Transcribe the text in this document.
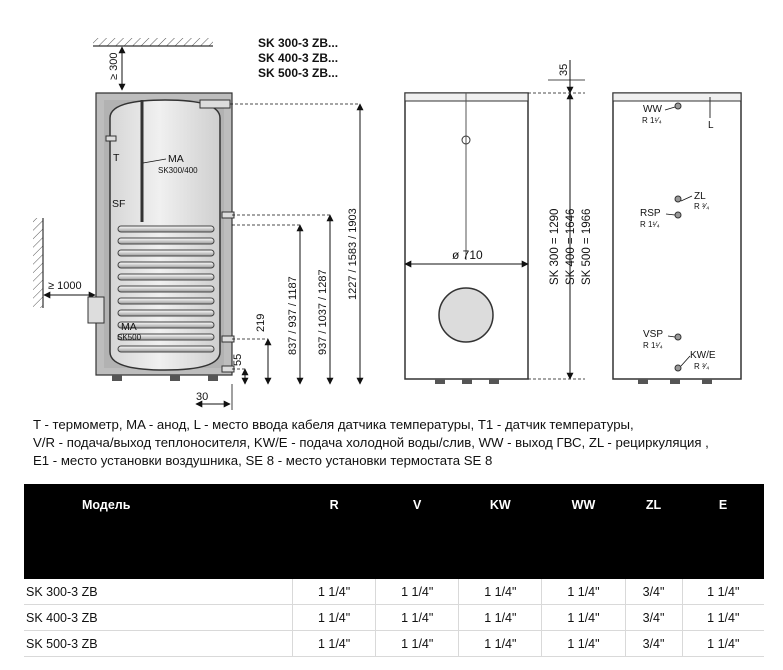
SK 300-3 ZB...
SK 400-3 ZB...
SK 500-3 ZB...
≥ 300
≥ 1000
T	MA
SK300/400
SF
MA
SK500
1227 / 1583 / 1903
937 / 1037 / 1287
837 / 937 / 1187
219
55
30
ø 710
35
SK 300 = 1290 SK 400 = 1646 SK 500 = 1966
WW
R 1¹⁄₄	L
ZL
R ³⁄₄
RSP
R 1¹⁄₄
VSP
R 1¹⁄₄
KW/E
R ³⁄₄
T - термометр, MA - анод, L - место ввода кабеля датчика температуры, T1 - датчик температуры,
V/R - подача/выход теплоносителя, KW/E - подача холодной воды/слив, WW - выход ГВС, ZL - рециркуляция ,
E1 - место установки воздушника, SE 8 - место установки термостата SE 8
Модель	R	V	KW	WW	ZL	E
SK 300-3 ZB	1 1/4"	1 1/4"	1 1/4"	1 1/4"	3/4"	1 1/4"
SK 400-3 ZB	1 1/4"	1 1/4"	1 1/4"	1 1/4"	3/4"	1 1/4"
SK 500-3 ZB	1 1/4"	1 1/4"	1 1/4"	1 1/4"	3/4"	1 1/4"
